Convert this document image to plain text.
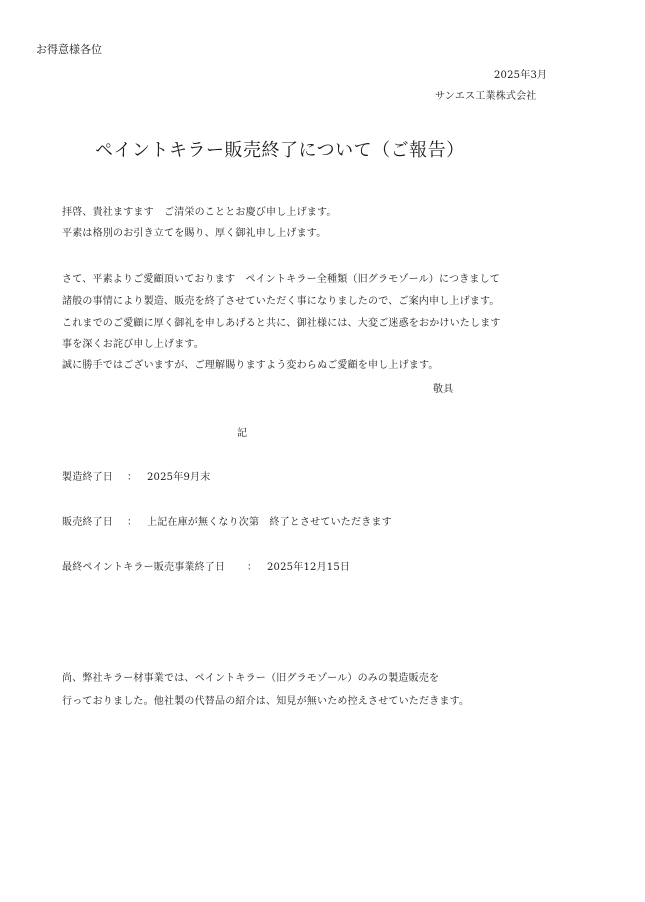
お得意様各位
2025年3月
サンエス工業株式会社
ペイントキラー販売終了について（ご報告）
拝啓、貴社ますます　ご清栄のこととお慶び申し上げます。
平素は格別のお引き立てを賜り、厚く御礼申し上げます。
さて、平素よりご愛顧頂いております　ペイントキラー全種類（旧グラモゾール）につきまして
諸般の事情により製造、販売を終了させていただく事になりましたので、ご案内申し上げます。
これまでのご愛顧に厚く御礼を申しあげると共に、御社様には、大変ご迷惑をおかけいたします
事を深くお詫び申し上げます。
誠に勝手ではございますが、ご理解賜りますよう変わらぬご愛顧を申し上げます。
敬具
記
製造終了日 ： 2025年9月末
販売終了日 ： 上記在庫が無くなり次第　終了とさせていただきます
最終ペイントキラー販売事業終了日 ： 2025年12月15日
尚、弊社キラー材事業では、ペイントキラー（旧グラモゾール）のみの製造販売を
行っておりました。他社製の代替品の紹介は、知見が無いため控えさせていただきます。
